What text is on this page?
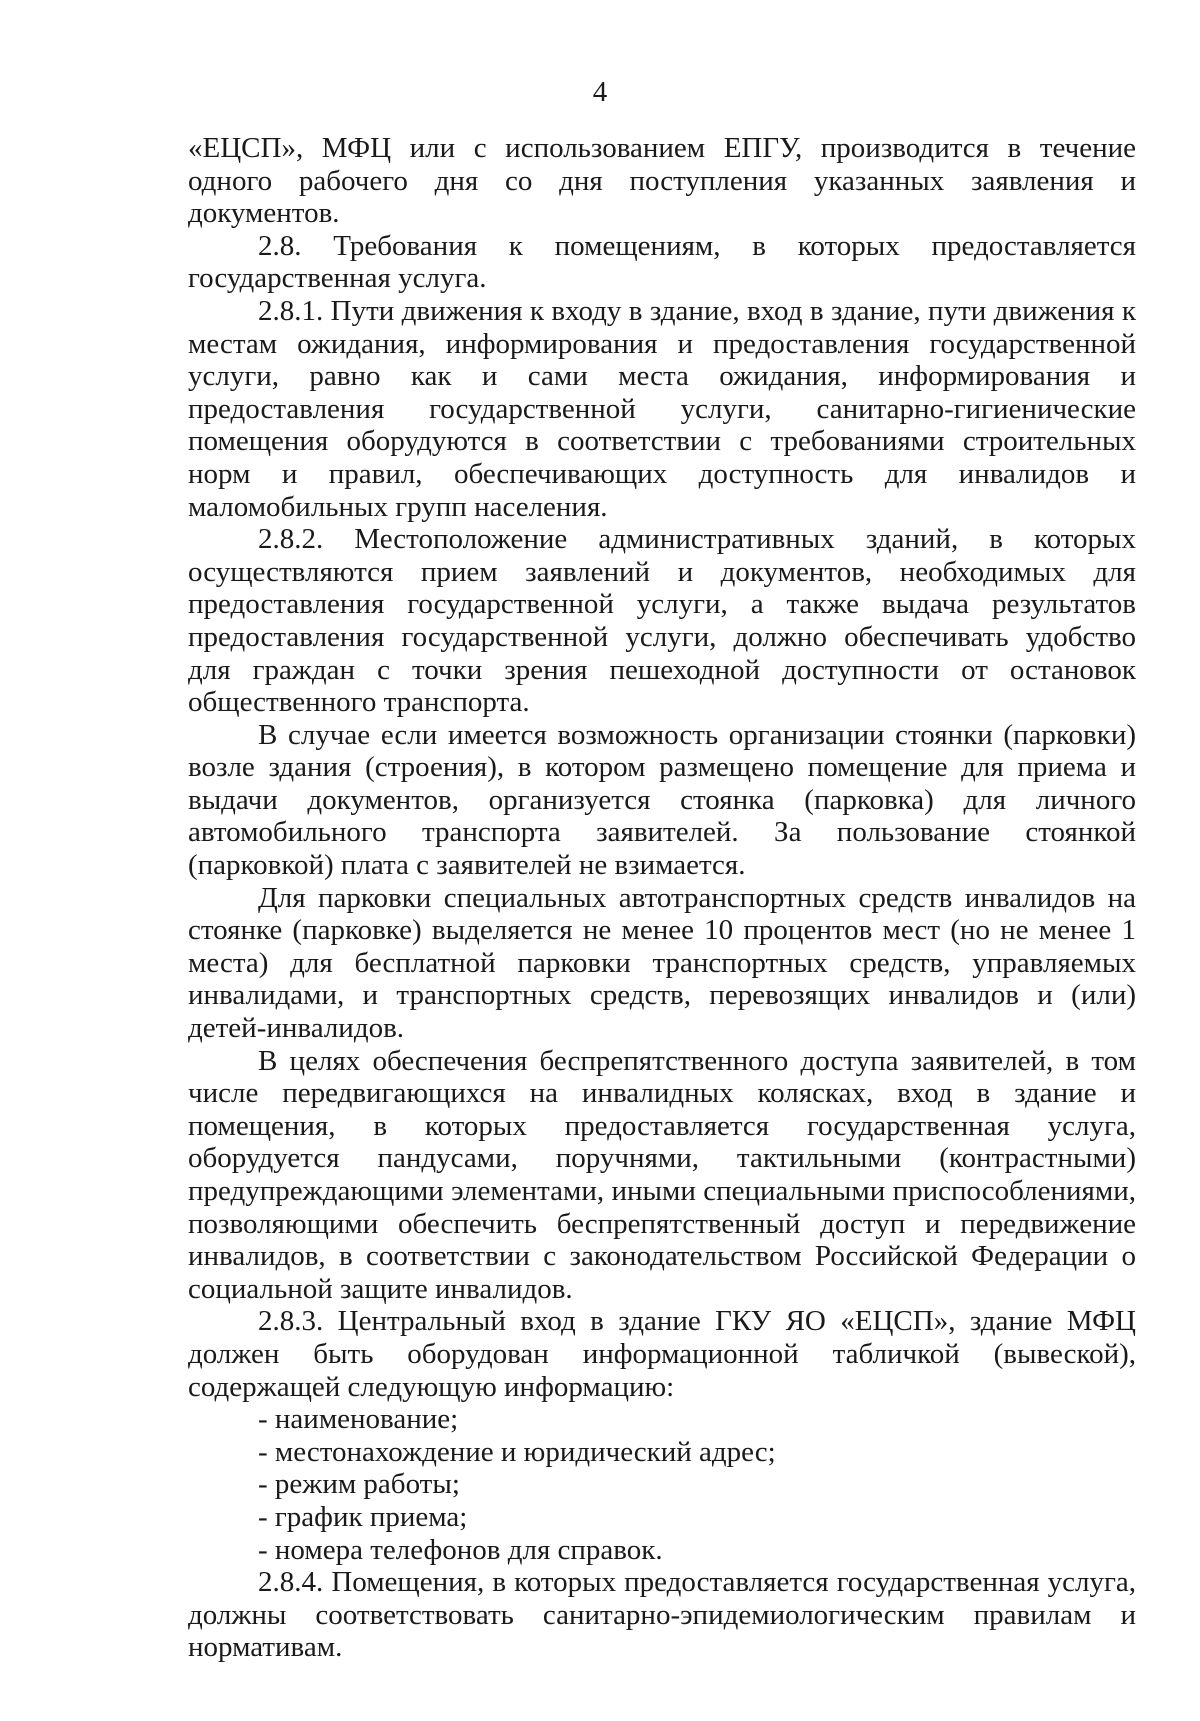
4

«ЕЦСП», МФЦ или с использованием ЕПГУ, производится в течение одного рабочего дня со дня поступления указанных заявления и документов.

2.8. Требования к помещениям, в которых предоставляется государственная услуга.

2.8.1. Пути движения к входу в здание, вход в здание, пути движения к местам ожидания, информирования и предоставления государственной услуги, равно как и сами места ожидания, информирования и предоставления государственной услуги, санитарно-гигиенические помещения оборудуются в соответствии с требованиями строительных норм и правил, обеспечивающих доступность для инвалидов и маломобильных групп населения.

2.8.2. Местоположение административных зданий, в которых осуществляются прием заявлений и документов, необходимых для предоставления государственной услуги, а также выдача результатов предоставления государственной услуги, должно обеспечивать удобство для граждан с точки зрения пешеходной доступности от остановок общественного транспорта.

В случае если имеется возможность организации стоянки (парковки) возле здания (строения), в котором размещено помещение для приема и выдачи документов, организуется стоянка (парковка) для личного автомобильного транспорта заявителей. За пользование стоянкой (парковкой) плата с заявителей не взимается.

Для парковки специальных автотранспортных средств инвалидов на стоянке (парковке) выделяется не менее 10 процентов мест (но не менее 1 места) для бесплатной парковки транспортных средств, управляемых инвалидами, и транспортных средств, перевозящих инвалидов и (или) детей-инвалидов.

В целях обеспечения беспрепятственного доступа заявителей, в том числе передвигающихся на инвалидных колясках, вход в здание и помещения, в которых предоставляется государственная услуга, оборудуется пандусами, поручнями, тактильными (контрастными) предупреждающими элементами, иными специальными приспособлениями, позволяющими обеспечить беспрепятственный доступ и передвижение инвалидов, в соответствии с законодательством Российской Федерации о социальной защите инвалидов.

2.8.3. Центральный вход в здание ГКУ ЯО «ЕЦСП», здание МФЦ должен быть оборудован информационной табличкой (вывеской), содержащей следующую информацию:

- наименование;

- местонахождение и юридический адрес;

- режим работы;

- график приема;

- номера телефонов для справок.

2.8.4. Помещения, в которых предоставляется государственная услуга, должны соответствовать санитарно-эпидемиологическим правилам и нормативам.
